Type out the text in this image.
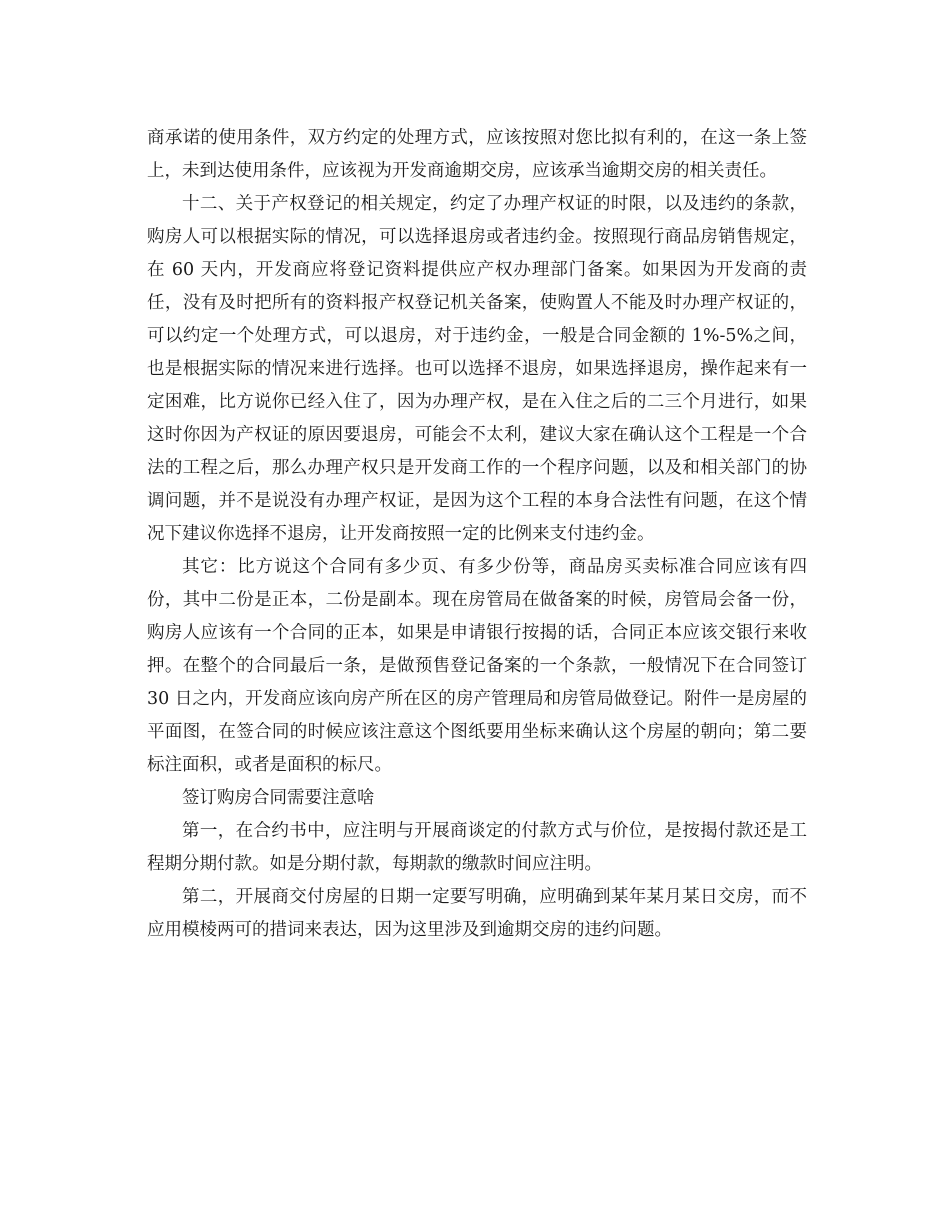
商承诺的使用条件，双方约定的处理方式，应该按照对您比拟有利的，在这一条上签上，未到达使用条件，应该视为开发商逾期交房，应该承当逾期交房的相关责任。

十二、关于产权登记的相关规定，约定了办理产权证的时限，以及违约的条款，购房人可以根据实际的情况，可以选择退房或者违约金。按照现行商品房销售规定，在 60 天内，开发商应将登记资料提供应产权办理部门备案。如果因为开发商的责任，没有及时把所有的资料报产权登记机关备案，使购置人不能及时办理产权证的，可以约定一个处理方式，可以退房，对于违约金，一般是合同金额的 1%-5%之间，也是根据实际的情况来进行选择。也可以选择不退房，如果选择退房，操作起来有一定困难，比方说你已经入住了，因为办理产权，是在入住之后的二三个月进行，如果这时你因为产权证的原因要退房，可能会不太利，建议大家在确认这个工程是一个合法的工程之后，那么办理产权只是开发商工作的一个程序问题，以及和相关部门的协调问题，并不是说没有办理产权证，是因为这个工程的本身合法性有问题，在这个情况下建议你选择不退房，让开发商按照一定的比例来支付违约金。

其它：比方说这个合同有多少页、有多少份等，商品房买卖标准合同应该有四份，其中二份是正本，二份是副本。现在房管局在做备案的时候，房管局会备一份，购房人应该有一个合同的正本，如果是申请银行按揭的话，合同正本应该交银行来收押。在整个的合同最后一条，是做预售登记备案的一个条款，一般情况下在合同签订 30 日之内，开发商应该向房产所在区的房产管理局和房管局做登记。附件一是房屋的平面图，在签合同的时候应该注意这个图纸要用坐标来确认这个房屋的朝向；第二要标注面积，或者是面积的标尺。

签订购房合同需要注意啥

第一，在合约书中，应注明与开展商谈定的付款方式与价位，是按揭付款还是工程期分期付款。如是分期付款，每期款的缴款时间应注明。

第二，开展商交付房屋的日期一定要写明确，应明确到某年某月某日交房，而不应用模棱两可的措词来表达，因为这里涉及到逾期交房的违约问题。
